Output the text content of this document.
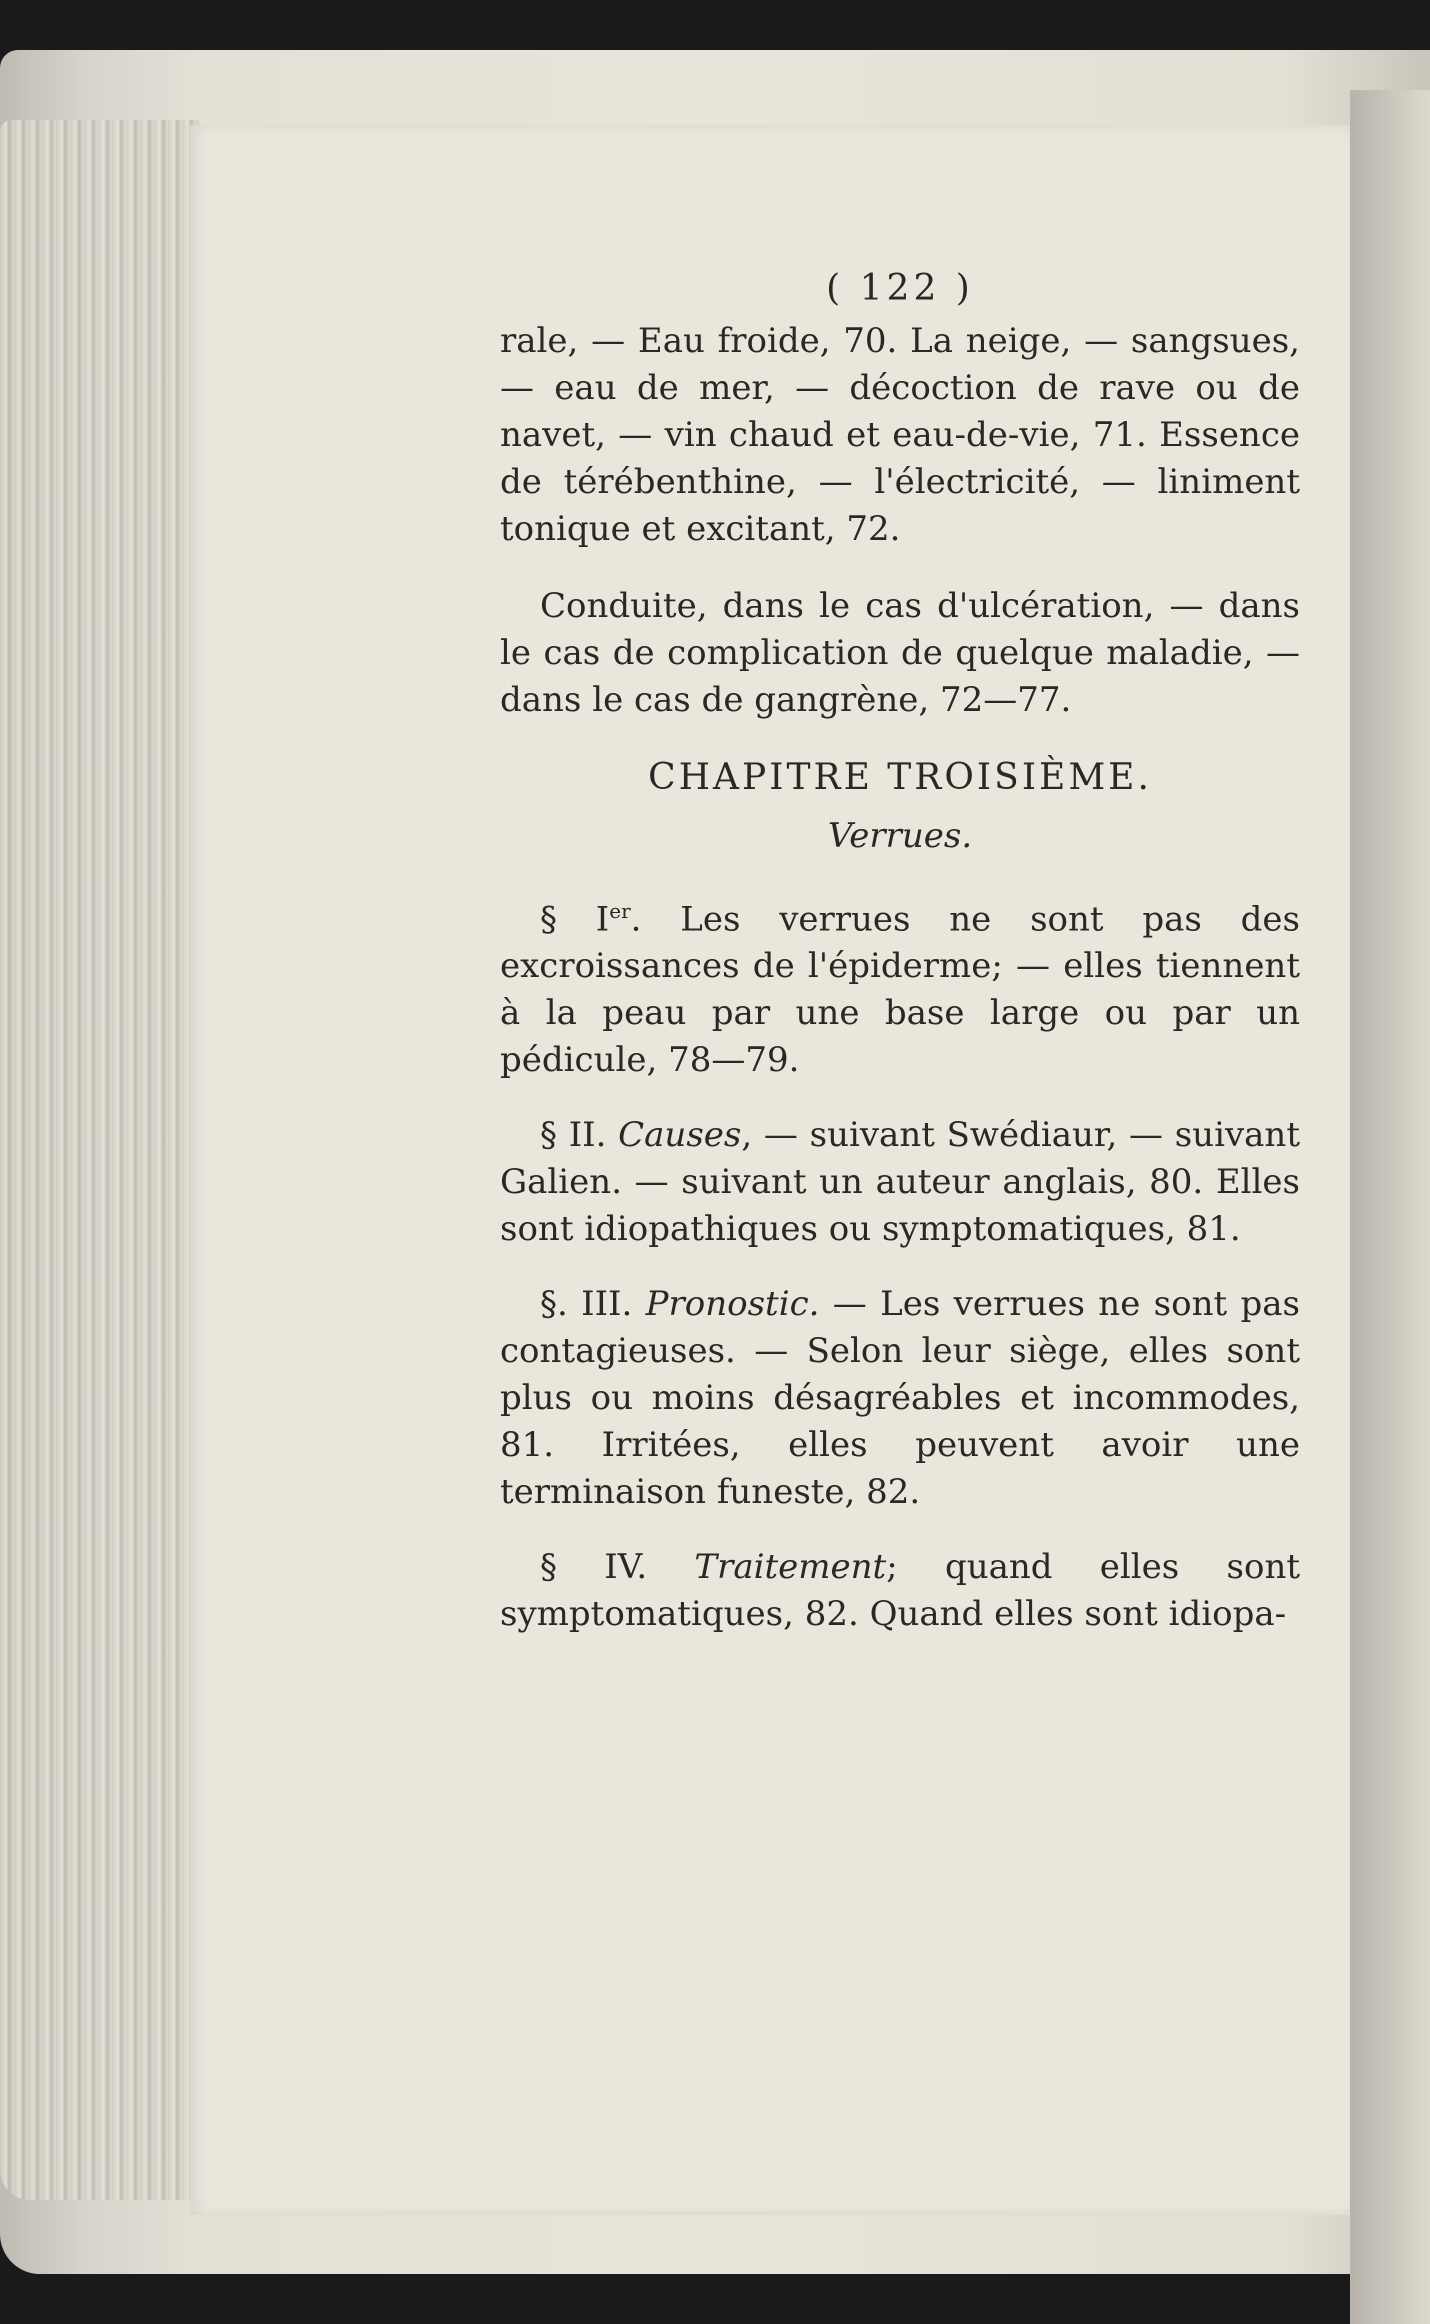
( 122 )

rale, — Eau froide, 70. La neige, — sangsues, — eau de mer, — décoction de rave ou de navet, — vin chaud et eau-de-vie, 71. Essence de térébenthine, — l'électricité, — liniment tonique et excitant, 72.

Conduite, dans le cas d'ulcération, — dans le cas de complication de quelque maladie, — dans le cas de gangrène, 72—77.

CHAPITRE TROISIÈME.
Verrues.

§ Ier. Les verrues ne sont pas des excroissances de l'épiderme; — elles tiennent à la peau par une base large ou par un pédicule, 78—79.

§ II. Causes, — suivant Swédiaur, — suivant Galien. — suivant un auteur anglais, 80. Elles sont idiopathiques ou symptomatiques, 81.

§. III. Pronostic. — Les verrues ne sont pas contagieuses. — Selon leur siège, elles sont plus ou moins désagréables et incommodes, 81. Irritées, elles peuvent avoir une terminaison funeste, 82.

§ IV. Traitement; quand elles sont symptomatiques, 82. Quand elles sont idiopa-
